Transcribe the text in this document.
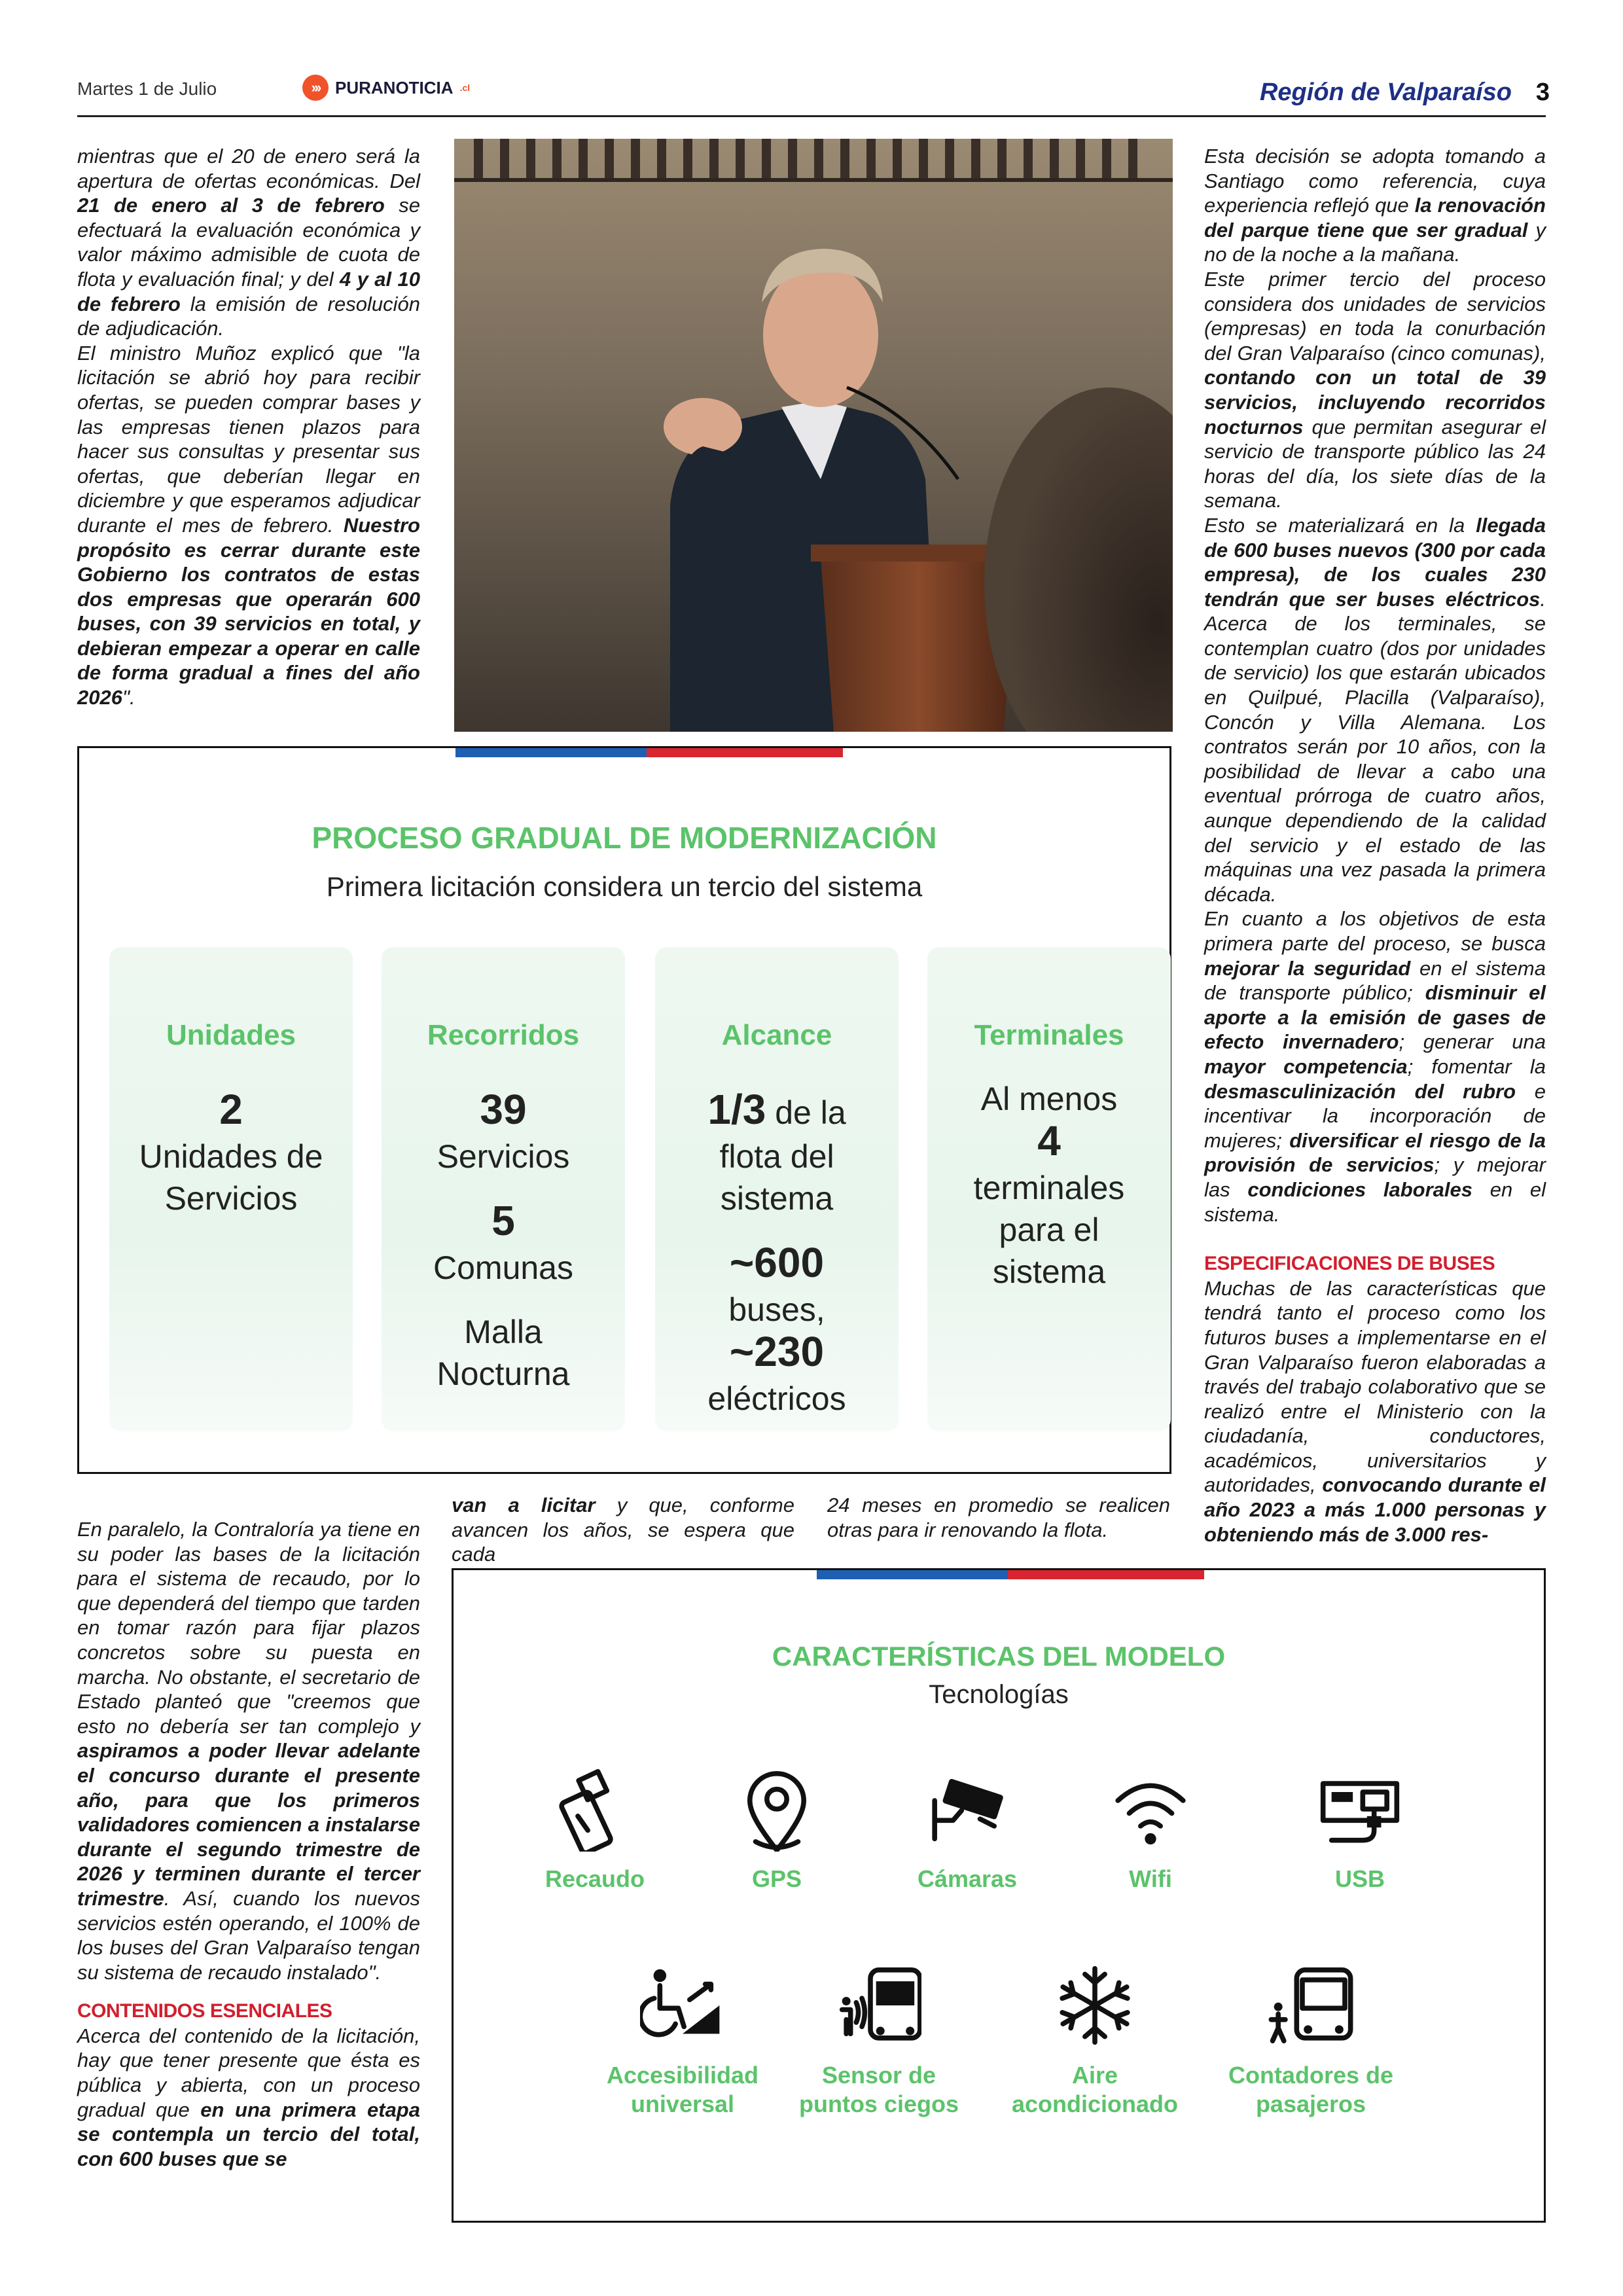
Martes 1 de Julio	››› PURANOTICIA .cl	Región de Valparaíso 3
mientras que el 20 de enero será la apertura de ofertas económicas. Del 21 de enero al 3 de febrero se efectuará la evaluación económica y valor máximo admisible de cuota de flota y evaluación final; y del 4 y al 10 de febrero la emisión de resolución de adjudicación.
El ministro Muñoz explicó que "la licitación se abrió hoy para recibir ofertas, se pueden comprar bases y las empresas tienen plazos para hacer sus consultas y presentar sus ofertas, que deberían llegar en diciembre y que esperamos adjudicar durante el mes de febrero. Nuestro propósito es cerrar durante este Gobierno los contratos de estas dos empresas que operarán 600 buses, con 39 servicios en total, y debieran empezar a operar en calle de forma gradual a fines del año 2026".
PROCESO GRADUAL DE MODERNIZACIÓN
Primera licitación considera un tercio del sistema
Unidades
2
Unidades de
Servicios
Recorridos
39
Servicios
5
Comunas
Malla
Nocturna
Alcance
1/3 de la
flota del
sistema
~600
buses,
~230
eléctricos
Terminales
Al menos
4
terminales
para el
sistema
Esta decisión se adopta tomando a Santiago como referencia, cuya experiencia reflejó que la renovación del parque tiene que ser gradual y no de la noche a la mañana.
Este primer tercio del proceso considera dos unidades de servicios (empresas) en toda la conurbación del Gran Valparaíso (cinco comunas), contando con un total de 39 servicios, incluyendo recorridos nocturnos que permitan asegurar el servicio de transporte público las 24 horas del día, los siete días de la semana.
Esto se materializará en la llegada de 600 buses nuevos (300 por cada empresa), de los cuales 230 tendrán que ser buses eléctricos. Acerca de los terminales, se contemplan cuatro (dos por unidades de servicio) los que estarán ubicados en Quilpué, Placilla (Valparaíso), Concón y Villa Alemana. Los contratos serán por 10 años, con la posibilidad de llevar a cabo una eventual prórroga de cuatro años, aunque dependiendo de la calidad del servicio y el estado de las máquinas una vez pasada la primera década.
En cuanto a los objetivos de esta primera parte del proceso, se busca mejorar la seguridad en el sistema de transporte público; disminuir el aporte a la emisión de gases de efecto invernadero; generar una mayor competencia; fomentar la desmasculinización del rubro e incentivar la incorporación de mujeres; diversificar el riesgo de la provisión de servicios; y mejorar las condiciones laborales en el sistema.
ESPECIFICACIONES DE BUSES
Muchas de las características que tendrá tanto el proceso como los futuros buses a implementarse en el Gran Valparaíso fueron elaboradas a través del trabajo colaborativo que se realizó entre el Ministerio con la ciudadanía, conductores, académicos, universitarios y autoridades, convocando durante el año 2023 a más 1.000 personas y obteniendo más de 3.000 res-
En paralelo, la Contraloría ya tiene en su poder las bases de la licitación para el sistema de recaudo, por lo que dependerá del tiempo que tarden en tomar razón para fijar plazos concretos sobre su puesta en marcha. No obstante, el secretario de Estado planteó que "creemos que esto no debería ser tan complejo y aspiramos a poder llevar adelante el concurso durante el presente año, para que los primeros validadores comiencen a instalarse durante el segundo trimestre de 2026 y terminen durante el tercer trimestre. Así, cuando los nuevos servicios estén operando, el 100% de los buses del Gran Valparaíso tengan su sistema de recaudo instalado".
CONTENIDOS ESENCIALES
Acerca del contenido de la licitación, hay que tener presente que ésta es pública y abierta, con un proceso gradual que en una primera etapa se contempla un tercio del total, con 600 buses que se
van a licitar y que, conforme avancen los años, se espera que cada
24 meses en promedio se realicen otras para ir renovando la flota.
CARACTERÍSTICAS DEL MODELO
Tecnologías
Recaudo	GPS	Cámaras	Wifi	USB
Accesibilidad universal
Sensor de puntos ciegos
Aire acondicionado
Contadores de pasajeros
